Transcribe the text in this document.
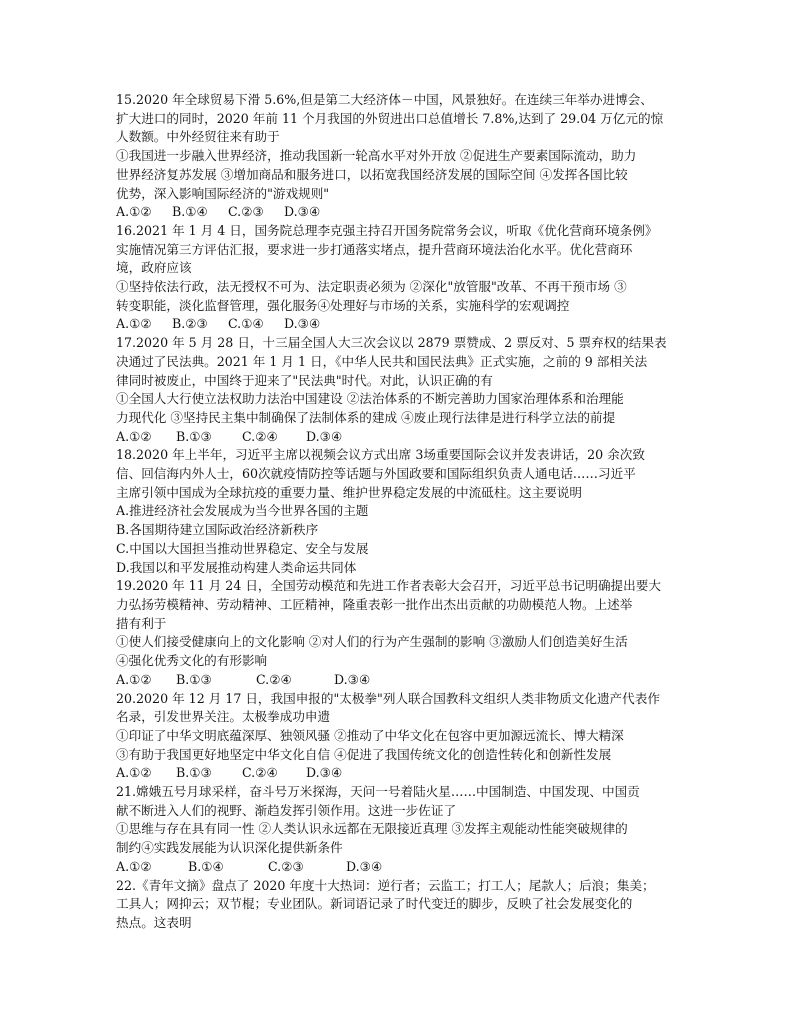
15.2020 年全球贸易下滑 5.6%,但是第二大经济体－中国，风景独好。在连续三年举办进博会、
扩大进口的同时，2020 年前 11 个月我国的外贸进出口总值增长 7.8%,达到了 29.04 万亿元的惊
人数额。中外经贸往来有助于
①我国进一步融入世界经济，推动我国新一轮高水平对外开放 ②促进生产要素国际流动，助力
世界经济复苏发展 ③增加商品和服务进口，以拓宽我国经济发展的国际空间 ④发挥各国比较
优势，深入影响国际经济的"游戏规则"
A.①②	B.①④	C.②③	D.③④
16.2021 年 1 月 4 日，国务院总理李克强主持召开国务院常务会议，听取《优化营商环境条例》
实施情况第三方评估汇报，要求进一步打通落实堵点，提升营商环境法治化水平。优化营商环
境，政府应该
①坚持依法行政，法无授权不可为、法定职责必须为 ②深化"放管服"改革、不再干预市场 ③
转变职能，淡化监督管理，强化服务④处理好与市场的关系，实施科学的宏观调控
A.①②	B.②③	C.①④	D.③④
17.2020 年 5 月 28 日，十三届全国人大三次会议以 2879 票赞成、2 票反对、5 票弃权的结果表
决通过了民法典。2021 年 1 月 1 日，《中华人民共和国民法典》正式实施，之前的 9 部相关法
律同时被废止，中国终于迎来了"民法典"时代。对此，认识正确的有
①全国人大行使立法权助力法治中国建设 ②法治体系的不断完善助力国家治理体系和治理能
力现代化 ③坚持民主集中制确保了法制体系的建成 ④废止现行法律是进行科学立法的前提
A.①②	B.①③	C.②④	D.③④
18.2020 年上半年，习近平主席以视频会议方式出席 3场重要国际会议并发表讲话，20 余次致
信、回信海内外人士，60次就疫情防控等话题与外国政要和国际组织负责人通电话……习近平
主席引领中国成为全球抗疫的重要力量、维护世界稳定发展的中流砥柱。这主要说明
A.推进经济社会发展成为当今世界各国的主题
B.各国期待建立国际政治经济新秩序
C.中国以大国担当推动世界稳定、安全与发展
D.我国以和平发展推动构建人类命运共同体
19.2020 年 11 月 24 日，全国劳动模范和先进工作者表彰大会召开，习近平总书记明确提出要大
力弘扬劳模精神、劳动精神、工匠精神，隆重表彰一批作出杰出贡献的功勋模范人物。上述举
措有利于
①使人们接受健康向上的文化影响 ②对人们的行为产生强制的影响 ③激励人们创造美好生活
④强化优秀文化的有形影响
A.①②	B.①③	C.②④	D.③④
20.2020 年 12 月 17 日，我国申报的"太极拳"列人联合国教科文组织人类非物质文化遗产代表作
名录，引发世界关注。太极拳成功申遗
①印证了中华文明底蕴深厚、独领风骚 ②推动了中华文化在包容中更加源远流长、博大精深
③有助于我国更好地坚定中华文化自信 ④促进了我国传统文化的创造性转化和创新性发展
A.①②	B.①③	C.②④	D.③④
21.嫦娥五号月球采样，奋斗号万米探海，天问一号着陆火星……中国制造、中国发现、中国贡
献不断进入人们的视野、渐趋发挥引领作用。这进一步佐证了
①思维与存在具有同一性 ②人类认识永远都在无限接近真理 ③发挥主观能动性能突破规律的
制约④实践发展能为认识深化提供新条件
A.①②	B.①④	C.②③	D.③④
22.《青年文摘》盘点了 2020 年度十大热词：逆行者；云监工；打工人；尾款人；后浪；集美；
工具人；网抑云；双节棍；专业团队。新词语记录了时代变迁的脚步，反映了社会发展变化的
热点。这表明
